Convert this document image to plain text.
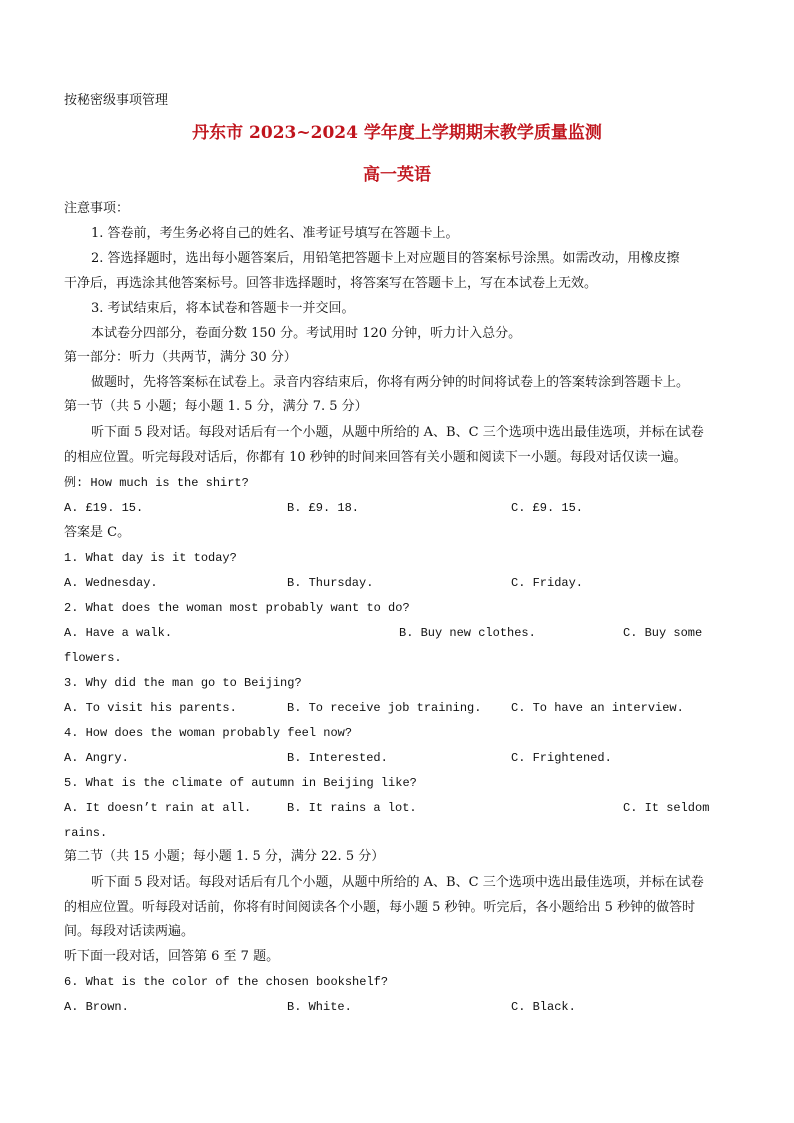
按秘密级事项管理
丹东市 2023~2024 学年度上学期期末教学质量监测
高一英语
注意事项：
1. 答卷前，考生务必将自己的姓名、准考证号填写在答题卡上。
2. 答选择题时，选出每小题答案后，用铅笔把答题卡上对应题目的答案标号涂黑。如需改动，用橡皮擦
干净后，再选涂其他答案标号。回答非选择题时，将答案写在答题卡上，写在本试卷上无效。
3. 考试结束后，将本试卷和答题卡一并交回。
本试卷分四部分，卷面分数 150 分。考试用时 120 分钟，听力计入总分。
第一部分：听力（共两节，满分 30 分）
做题时，先将答案标在试卷上。录音内容结束后，你将有两分钟的时间将试卷上的答案转涂到答题卡上。
第一节（共 5 小题；每小题 1. 5 分，满分 7. 5 分）
听下面 5 段对话。每段对话后有一个小题，从题中所给的 A、B、C 三个选项中选出最佳选项，并标在试卷
的相应位置。听完每段对话后，你都有 10 秒钟的时间来回答有关小题和阅读下一小题。每段对话仅读一遍。
例: How much is the shirt?
A. £19. 15.	B. £9. 18.	C. £9. 15.
答案是 C。
1. What day is it today?
A. Wednesday.	B. Thursday.	C. Friday.
2. What does the woman most probably want to do?
A. Have a walk.	B. Buy new clothes.	C. Buy some
flowers.
3. Why did the man go to Beijing?
A. To visit his parents.	B. To receive job training. C. To have an interview.
4. How does the woman probably feel now?
A. Angry.	B. Interested.	C. Frightened.
5. What is the climate of autumn in Beijing like?
A. It doesn’t rain at all.	B. It rains a lot.	C. It seldom
rains.
第二节（共 15 小题；每小题 1. 5 分，满分 22. 5 分）
听下面 5 段对话。每段对话后有几个小题，从题中所给的 A、B、C 三个选项中选出最佳选项，并标在试卷
的相应位置。听每段对话前，你将有时间阅读各个小题，每小题 5 秒钟。听完后，各小题给出 5 秒钟的做答时
间。每段对话读两遍。
听下面一段对话，回答第 6 至 7 题。
6. What is the color of the chosen bookshelf?
A. Brown.	B. White.	C. Black.
